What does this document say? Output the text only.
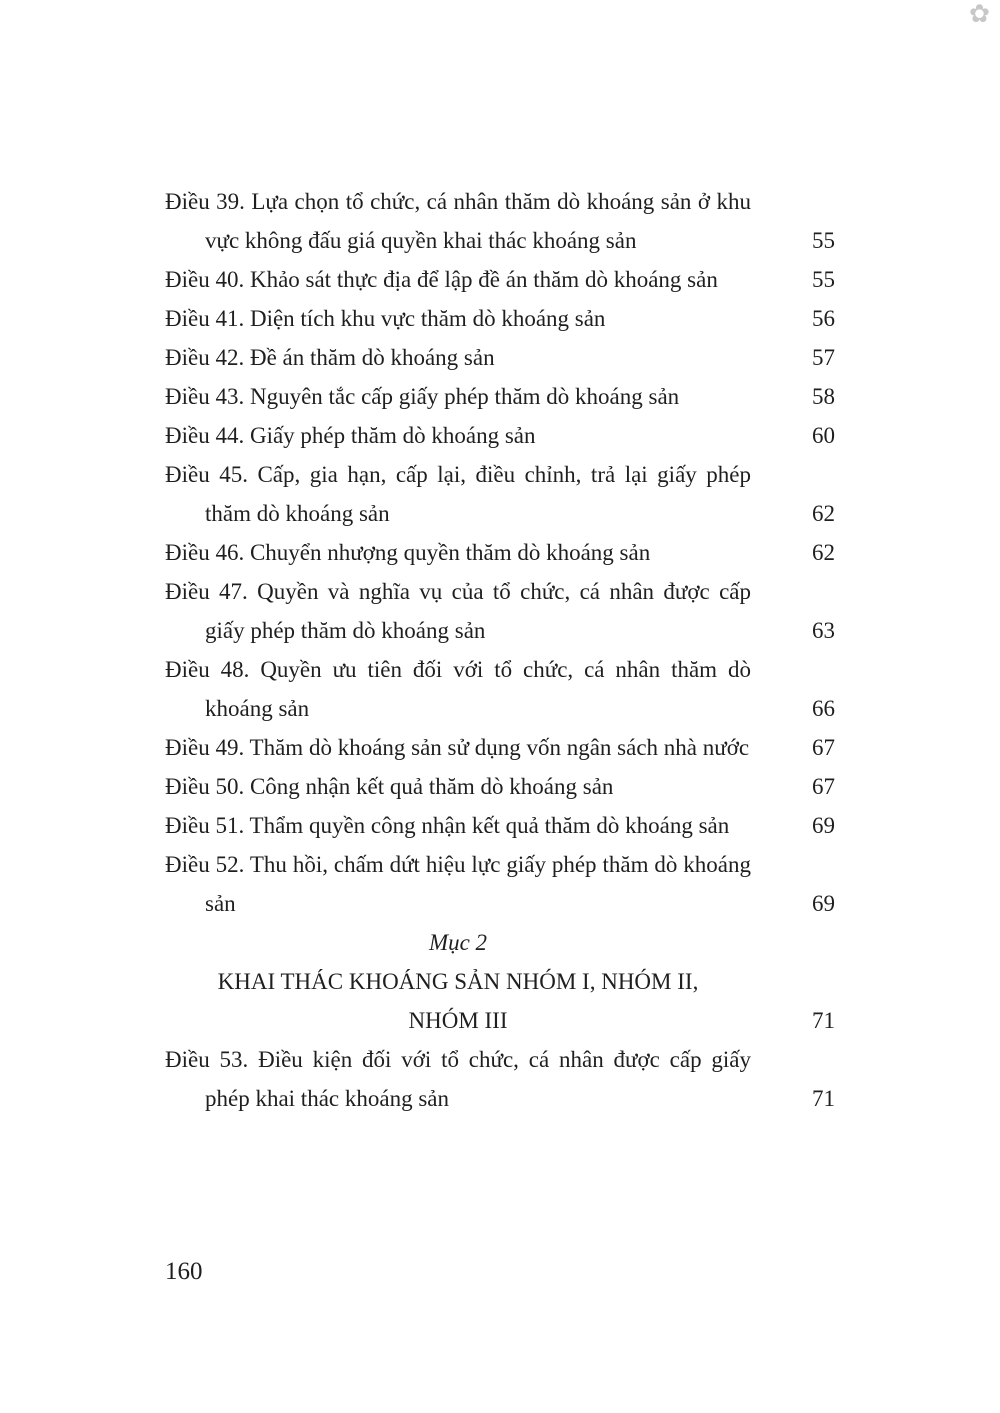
✿
Điều 39. Lựa chọn tổ chức, cá nhân thăm dò khoáng sản ở khu vực không đấu giá quyền khai thác khoáng sản	55
Điều 40. Khảo sát thực địa để lập đề án thăm dò khoáng sản	55
Điều 41. Diện tích khu vực thăm dò khoáng sản	56
Điều 42. Đề án thăm dò khoáng sản	57
Điều 43. Nguyên tắc cấp giấy phép thăm dò khoáng sản	58
Điều 44. Giấy phép thăm dò khoáng sản	60
Điều 45. Cấp, gia hạn, cấp lại, điều chỉnh, trả lại giấy phép thăm dò khoáng sản	62
Điều 46. Chuyển nhượng quyền thăm dò khoáng sản	62
Điều 47. Quyền và nghĩa vụ của tổ chức, cá nhân được cấp giấy phép thăm dò khoáng sản	63
Điều 48. Quyền ưu tiên đối với tổ chức, cá nhân thăm dò khoáng sản	66
Điều 49. Thăm dò khoáng sản sử dụng vốn ngân sách nhà nước	67
Điều 50. Công nhận kết quả thăm dò khoáng sản	67
Điều 51. Thẩm quyền công nhận kết quả thăm dò khoáng sản	69
Điều 52. Thu hồi, chấm dứt hiệu lực giấy phép thăm dò khoáng sản	69
Mục 2
KHAI THÁC KHOÁNG SẢN NHÓM I, NHÓM II,
NHÓM III	71
Điều 53. Điều kiện đối với tổ chức, cá nhân được cấp giấy phép khai thác khoáng sản	71
160
